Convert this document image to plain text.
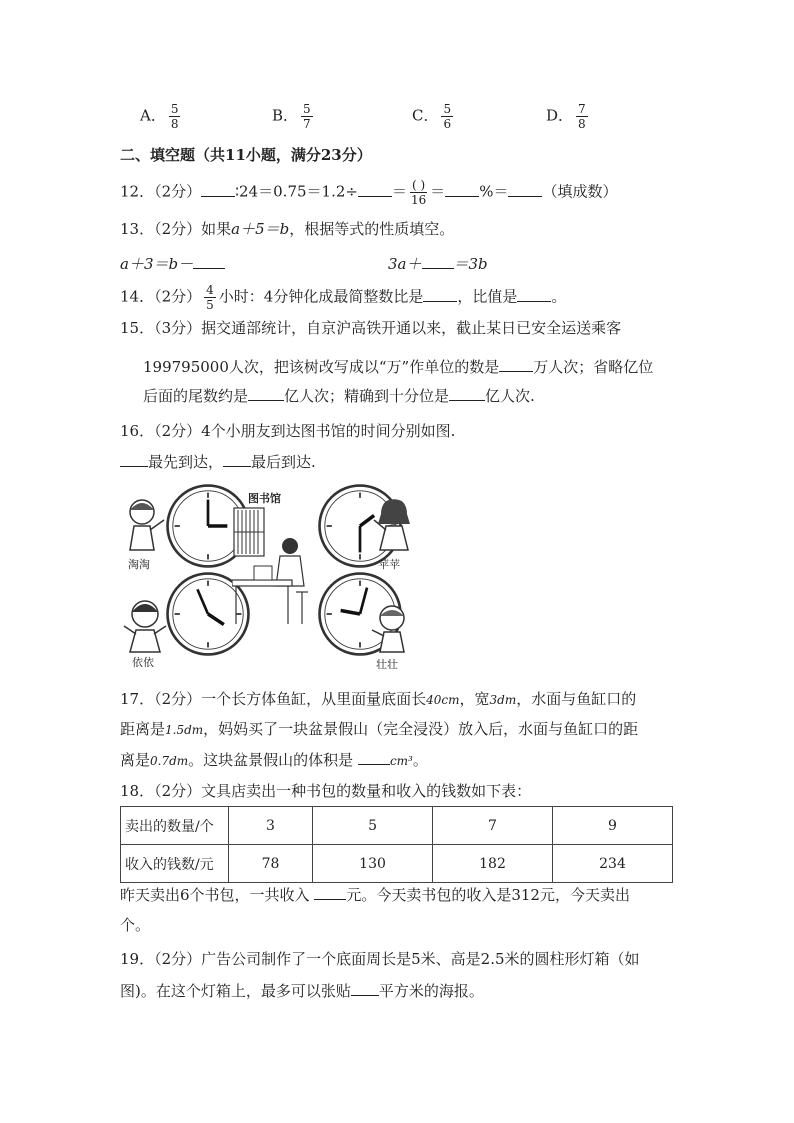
A． $\frac{5}{8}$	B． $\frac{5}{7}$	C． $\frac{5}{6}$	D． $\frac{7}{8}$
二、填空题（共11小题，满分23分）
12．（2分） ∶24＝0.75＝1.2÷ ＝ $\frac{( )}{16}$ ＝ %＝ （填成数）
13．（2分）如果a＋5＝b，根据等式的性质填空。
a＋3＝b－	3a＋ ＝3b
14．（2分） $\frac{4}{5}$ 小时：4分钟化成最简整数比是 ，比值是 。
15．（3分）据交通部统计，自京沪高铁开通以来，截止某日已安全运送乘客
199795000人次，把该树改写成以“万”作单位的数是 万人次；省略亿位
后面的尾数约是 亿人次；精确到十分位是 亿人次.
16．（2分）4个小朋友到达图书馆的时间分别如图.
最先到达， 最后到达.
淘淘	苹苹
依依	壮壮
图书馆
17．（2分）一个长方体鱼缸，从里面量底面长40cm，宽3dm，水面与鱼缸口的
距离是1.5dm，妈妈买了一块盆景假山（完全浸没）放入后，水面与鱼缸口的距
离是0.7dm。这块盆景假山的体积是	cm³。
18．（2分）文具店卖出一种书包的数量和收入的钱数如下表：
卖出的数量/个	3	5	7	9
收入的钱数/元	78	130	182	234
昨天卖出6个书包，一共收入 元。今天卖书包的收入是312元，今天卖出
个。
19．（2分）广告公司制作了一个底面周长是5米、高是2.5米的圆柱形灯箱（如
图)。在这个灯箱上，最多可以张贴 平方米的海报。
